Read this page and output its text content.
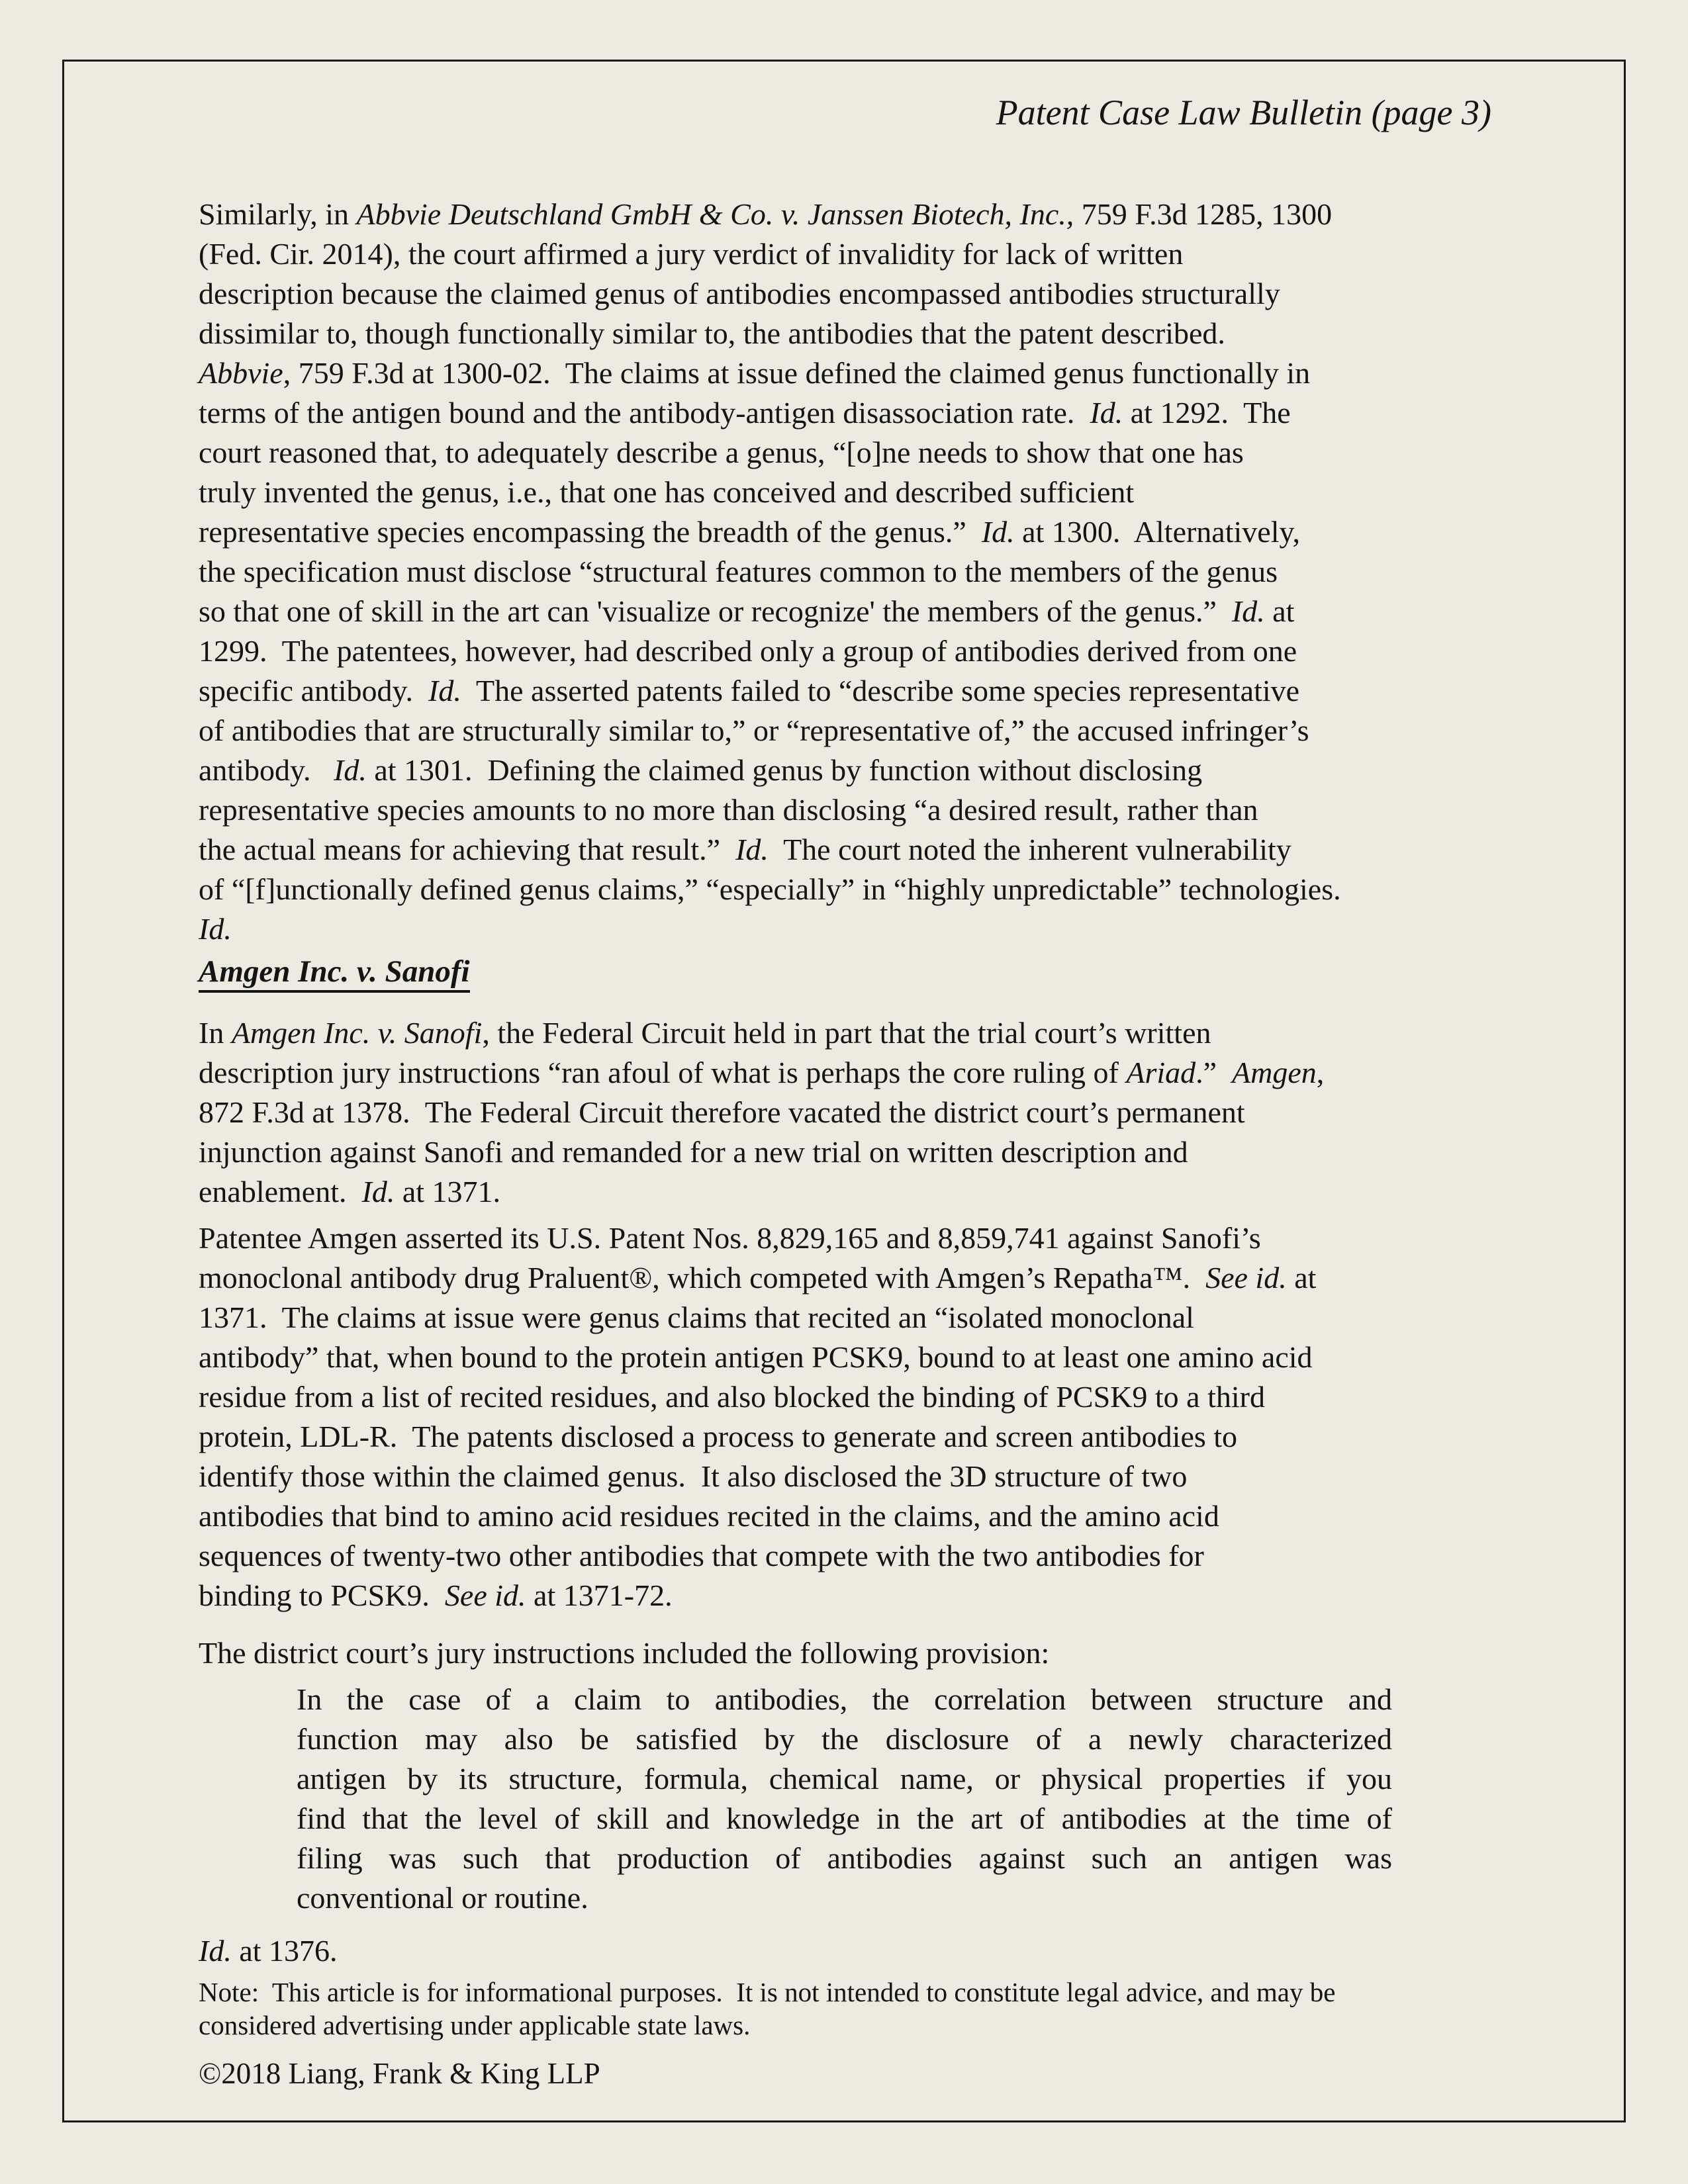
Patent Case Law Bulletin (page 3)
Similarly, in Abbvie Deutschland GmbH & Co. v. Janssen Biotech, Inc., 759 F.3d 1285, 1300
(Fed. Cir. 2014), the court affirmed a jury verdict of invalidity for lack of written
description because the claimed genus of antibodies encompassed antibodies structurally
dissimilar to, though functionally similar to, the antibodies that the patent described.
Abbvie, 759 F.3d at 1300-02.  The claims at issue defined the claimed genus functionally in
terms of the antigen bound and the antibody-antigen disassociation rate.  Id. at 1292.  The
court reasoned that, to adequately describe a genus, “[o]ne needs to show that one has
truly invented the genus, i.e., that one has conceived and described sufficient
representative species encompassing the breadth of the genus.”  Id. at 1300.  Alternatively,
the specification must disclose “structural features common to the members of the genus
so that one of skill in the art can 'visualize or recognize' the members of the genus.”  Id. at
1299.  The patentees, however, had described only a group of antibodies derived from one
specific antibody.  Id.  The asserted patents failed to “describe some species representative
of antibodies that are structurally similar to,” or “representative of,” the accused infringer’s
antibody.   Id. at 1301.  Defining the claimed genus by function without disclosing
representative species amounts to no more than disclosing “a desired result, rather than
the actual means for achieving that result.”  Id.  The court noted the inherent vulnerability
of “[f]unctionally defined genus claims,” “especially” in “highly unpredictable” technologies.
Id.
Amgen Inc. v. Sanofi
In Amgen Inc. v. Sanofi, the Federal Circuit held in part that the trial court’s written
description jury instructions “ran afoul of what is perhaps the core ruling of Ariad.”  Amgen,
872 F.3d at 1378.  The Federal Circuit therefore vacated the district court’s permanent
injunction against Sanofi and remanded for a new trial on written description and
enablement.  Id. at 1371.
Patentee Amgen asserted its U.S. Patent Nos. 8,829,165 and 8,859,741 against Sanofi’s
monoclonal antibody drug Praluent®, which competed with Amgen’s Repatha™.  See id. at
1371.  The claims at issue were genus claims that recited an “isolated monoclonal
antibody” that, when bound to the protein antigen PCSK9, bound to at least one amino acid
residue from a list of recited residues, and also blocked the binding of PCSK9 to a third
protein, LDL-R.  The patents disclosed a process to generate and screen antibodies to
identify those within the claimed genus.  It also disclosed the 3D structure of two
antibodies that bind to amino acid residues recited in the claims, and the amino acid
sequences of twenty-two other antibodies that compete with the two antibodies for
binding to PCSK9.  See id. at 1371-72.
The district court’s jury instructions included the following provision:
In the case of a claim to antibodies, the correlation between structure and
function may also be satisfied by the disclosure of a newly characterized
antigen by its structure, formula, chemical name, or physical properties if you
find that the level of skill and knowledge in the art of antibodies at the time of
filing was such that production of antibodies against such an antigen was
conventional or routine.
Id. at 1376.
Note:  This article is for informational purposes.  It is not intended to constitute legal advice, and may be
considered advertising under applicable state laws.
©2018 Liang, Frank & King LLP
